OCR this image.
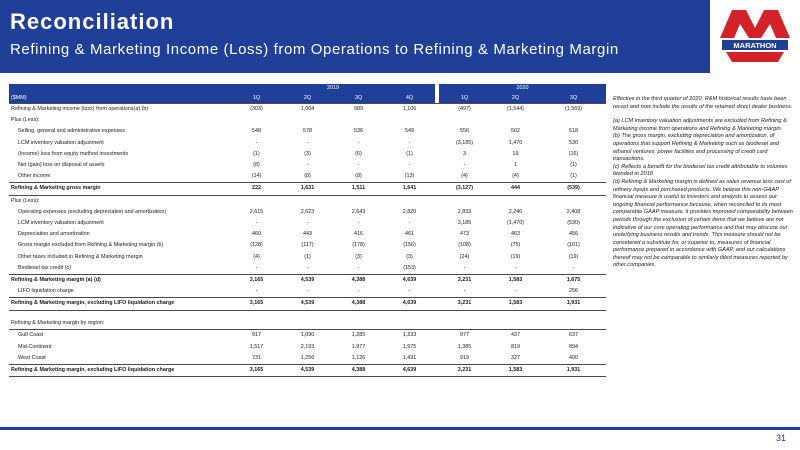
Reconciliation
Refining & Marketing Income (Loss) from Operations to Refining & Marketing Margin	MARATHON
	2019					2020		
($MM)	1Q	2Q	3Q	4Q		1Q	2Q	3Q
Refining & Marketing income (loss) from operations(a) (b)	(303)	1,064	989	1,106		(497)	(1,544)	(1,569)
Plus (Less):								
Selling, general and administrative expenses	548	578	536	549		556	502	518
LCM inventory valuation adjustment	-	-	-	-		(3,185)	1,470	530
(Income) loss from equity method investments	(1)	(3)	(6)	(1)		3	19	(16)
Net (gain) loss on disposal of assets	(8)	-	-	-		-	1	(1)
Other income	(14)	(8)	(8)	(13)		(4)	(4)	(1)
Refining & Marketing gross margin	222	1,631	1,511	1,641		(3,127)	444	(539)
Plus (Less):								
Operating expenses (excluding depreciation and amortization)	2,615	2,623	2,643	2,820		2,833	2,240	2,408
LCM inventory valuation adjustment	-	-	-	-		3,185	(1,470)	(530)
Depreciation and amortization	460	443	416	461		473	463	456
Gross margin excluded from Refining & Marketing margin (b)	(128)	(117)	(178)	(156)		(108)	(75)	(101)
Other taxes included in Refining & Marketing margin	(4)	(1)	(3)	(3)		(24)	(19)	(19)
Biodiesel tax credit (c)	-	-	-	(153)		-	-	-
Refining & Marketing margin (a) (d)	3,165	4,539	4,388	4,639		3,231	1,583	1,675
LIFO liquidation charge	-	-	-	-		-	-	256
Refining & Marketing margin, excluding LIFO liquidation charge	3,165	4,539	4,388	4,639		3,231	1,583	1,931

Refining & Marketing margin by region:								
Gulf Coast	917	1,090	1,285	1,233		977	437	637
Mid-Continent	1,517	2,193	1,977	1,975		1,385	819	894
West Coast	731	1,256	1,126	1,431		919	327	400
Refining & Marketing margin, excluding LIFO liquidation charge	3,165	4,539	4,388	4,639		3,231	1,583	1,931

Effective in the third quarter of 2020, R&M historical results have been recast and now include the results of the retained direct dealer business.

(a) LCM inventory valuation adjustments are excluded from Refining & Marketing income from operations and Refining & Marketing margin.

(b) The gross margin, excluding depreciation and amortization, of operations that support Refining & Marketing such as biodiesel and ethanol ventures, power facilities and processing of credit card transactions.

(c) Reflects a benefit for the biodiesel tax credit attributable to volumes blended in 2018

(d) Refining & Marketing margin is defined as sales revenue less cost of refinery inputs and purchased products. We believe this non-GAAP financial measure is useful to investors and analysts to assess our ongoing financial performance because, when reconciled to its most comparable GAAP measure, it provides improved comparability between periods through the exclusion of certain items that we believe are not indicative of our core operating performance and that may obscure our underlying business results and trends. This measure should not be considered a substitute for, or superior to, measures of financial performance prepared in accordance with GAAP, and our calculations thereof may not be comparable to similarly titled measures reported by other companies.

31
